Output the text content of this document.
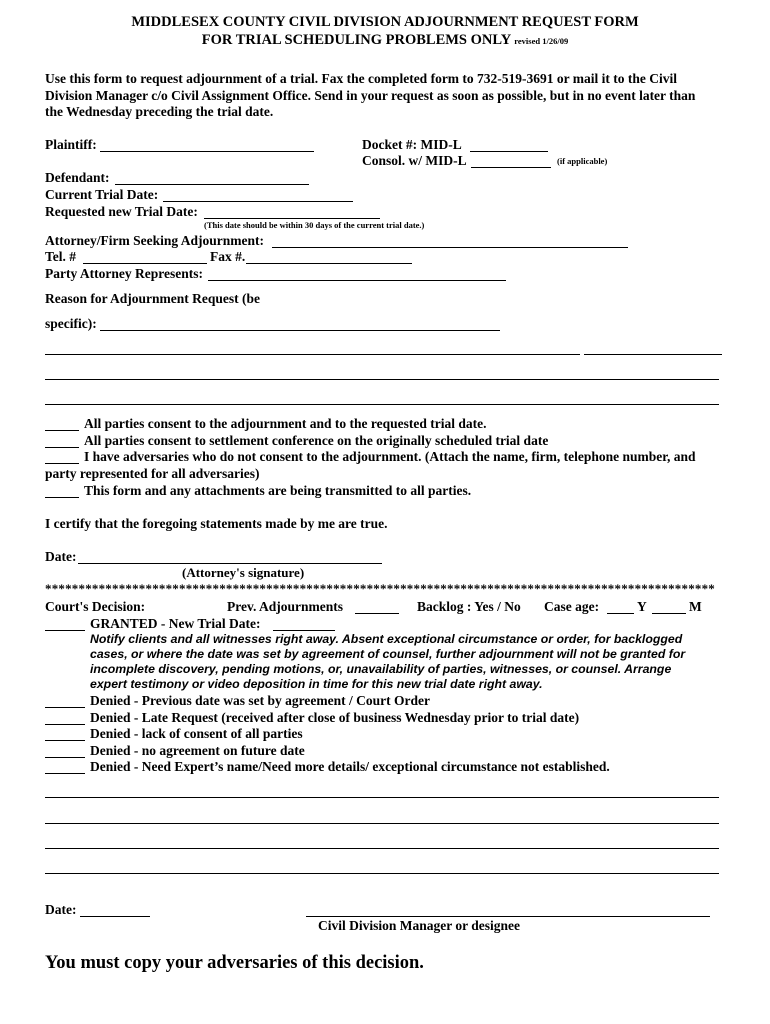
MIDDLESEX COUNTY CIVIL DIVISION ADJOURNMENT REQUEST FORM
FOR TRIAL SCHEDULING PROBLEMS ONLY revised 1/26/09
Use this form to request adjournment of a trial. Fax the completed form to 732-519-3691 or mail it to the Civil
Division Manager c/o Civil Assignment Office. Send in your request as soon as possible, but in no event later than
the Wednesday preceding the trial date.
Plaintiff:	Docket #: MID-L
Consol. w/ MID-L	(if applicable)
Defendant:
Current Trial Date:
Requested new Trial Date:
(This date should be within 30 days of the current trial date.)
Attorney/Firm Seeking Adjournment:
Tel. #	Fax #.
Party Attorney Represents:
Reason for Adjournment Request (be
specific):
All parties consent to the adjournment and to the requested trial date.
All parties consent to settlement conference on the originally scheduled trial date
I have adversaries who do not consent to the adjournment. (Attach the name, firm, telephone number, and
party represented for all adversaries)
This form and any attachments are being transmitted to all parties.
I certify that the foregoing statements made by me are true.
Date:
(Attorney's signature)
****************************************************************************************************
Court's Decision:	Prev. Adjournments	Backlog : Yes / No Case age:	Y	M
GRANTED - New Trial Date:
Notify clients and all witnesses right away. Absent exceptional circumstance or order, for backlogged
cases, or where the date was set by agreement of counsel, further adjournment will not be granted for
incomplete discovery, pending motions, or, unavailability of parties, witnesses, or counsel. Arrange
expert testimony or video deposition in time for this new trial date right away.
Denied - Previous date was set by agreement / Court Order
Denied - Late Request (received after close of business Wednesday prior to trial date)
Denied - lack of consent of all parties
Denied - no agreement on future date
Denied - Need Expert’s name/Need more details/ exceptional circumstance not established.
Date:
Civil Division Manager or designee
You must copy your adversaries of this decision.
